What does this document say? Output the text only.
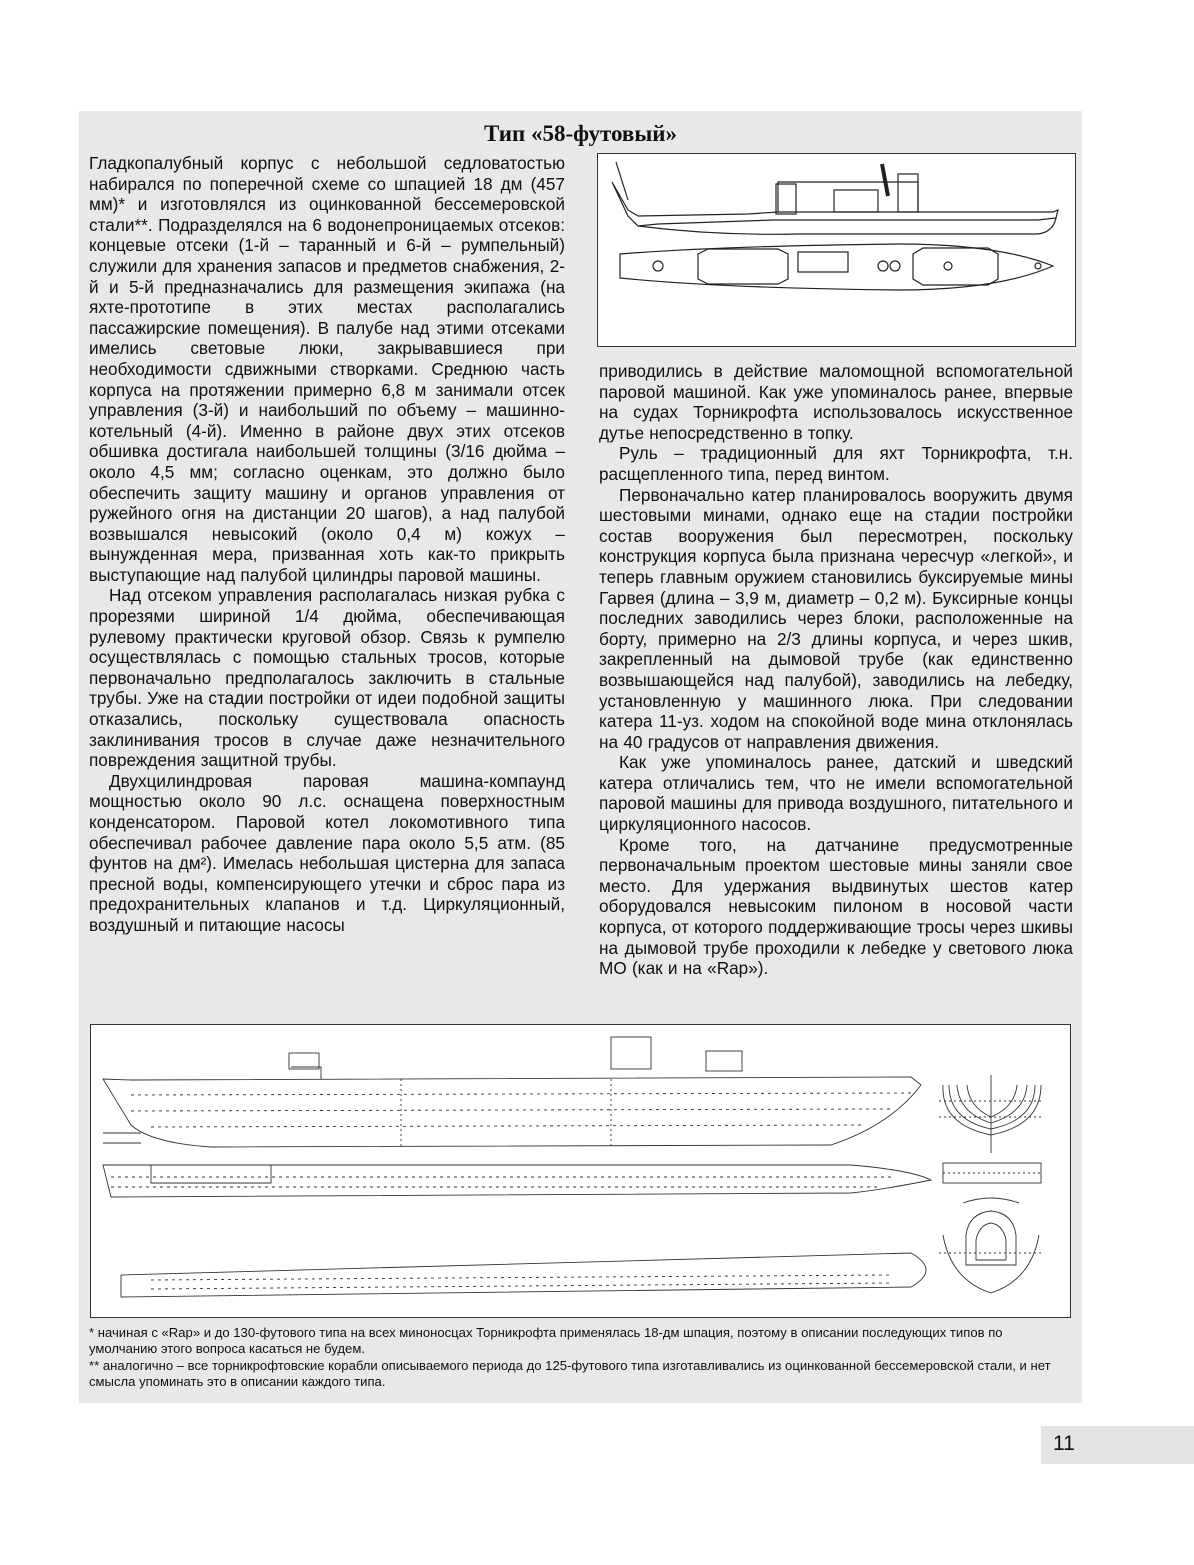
Тип «58-футовый»

Гладкопалубный корпус с небольшой седловатостью набирался по поперечной схеме со шпацией 18 дм (457 мм)* и изготовлялся из оцинкованной бессемеровской стали**. Подразделялся на 6 водонепроницаемых отсеков: концевые отсеки (1-й – таранный и 6-й – румпельный) служили для хранения запасов и предметов снабжения, 2-й и 5-й предназначались для размещения экипажа (на яхте-прототипе в этих местах располагались пассажирские помещения). В палубе над этими отсеками имелись световые люки, закрывавшиеся при необходимости сдвижными створками. Среднюю часть корпуса на протяжении примерно 6,8 м занимали отсек управления (3-й) и наибольший по объему – машинно-котельный (4-й). Именно в районе двух этих отсеков обшивка достигала наибольшей толщины (3/16 дюйма – около 4,5 мм; согласно оценкам, это должно было обеспечить защиту машину и органов управления от ружейного огня на дистанции 20 шагов), а над палубой возвышался невысокий (около 0,4 м) кожух – вынужденная мера, призванная хоть как-то прикрыть выступающие над палубой цилиндры паровой машины.

Над отсеком управления располагалась низкая рубка с прорезями шириной 1/4 дюйма, обеспечивающая рулевому практически круговой обзор. Связь к румпелю осуществлялась с помощью стальных тросов, которые первоначально предполагалось заключить в стальные трубы. Уже на стадии постройки от идеи подобной защиты отказались, поскольку существовала опасность заклинивания тросов в случае даже незначительного повреждения защитной трубы.

Двухцилиндровая паровая машина-компаунд мощностью около 90 л.с. оснащена поверхностным конденсатором. Паровой котел локомотивного типа обеспечивал рабочее давление пара около 5,5 атм. (85 фунтов на дм²). Имелась небольшая цистерна для запаса пресной воды, компенсирующего утечки и сброс пара из предохранительных клапанов и т.д. Циркуляционный, воздушный и питающие насосы

приводились в действие маломощной вспомогательной паровой машиной. Как уже упоминалось ранее, впервые на судах Торникрофта использовалось искусственное дутье непосредственно в топку.

Руль – традиционный для яхт Торникрофта, т.н. расщепленного типа, перед винтом.

Первоначально катер планировалось вооружить двумя шестовыми минами, однако еще на стадии постройки состав вооружения был пересмотрен, поскольку конструкция корпуса была признана чересчур «легкой», и теперь главным оружием становились буксируемые мины Гарвея (длина – 3,9 м, диаметр – 0,2 м). Буксирные концы последних заводились через блоки, расположенные на борту, примерно на 2/3 длины корпуса, и через шкив, закрепленный на дымовой трубе (как единственно возвышающейся над палубой), заводились на лебедку, установленную у машинного люка. При следовании катера 11-уз. ходом на спокойной воде мина отклонялась на 40 градусов от направления движения.

Как уже упоминалось ранее, датский и шведский катера отличались тем, что не имели вспомогательной паровой машины для привода воздушного, питательного и циркуляционного насосов.

Кроме того, на датчанине предусмотренные первоначальным проектом шестовые мины заняли свое место. Для удержания выдвинутых шестов катер оборудовался невысоким пилоном в носовой части корпуса, от которого поддерживающие тросы через шкивы на дымовой трубе проходили к лебедке у светового люка МО (как и на «Rap»).

* начиная с «Rap» и до 130-футового типа на всех миноносцах Торникрофта применялась 18-дм шпация, поэтому в описании последующих типов по умолчанию этого вопроса касаться не будем.

** аналогично – все торникрофтовские корабли описываемого периода до 125-футового типа изготавливались из оцинкованной бессемеровской стали, и нет смысла упоминать это в описании каждого типа.

11
